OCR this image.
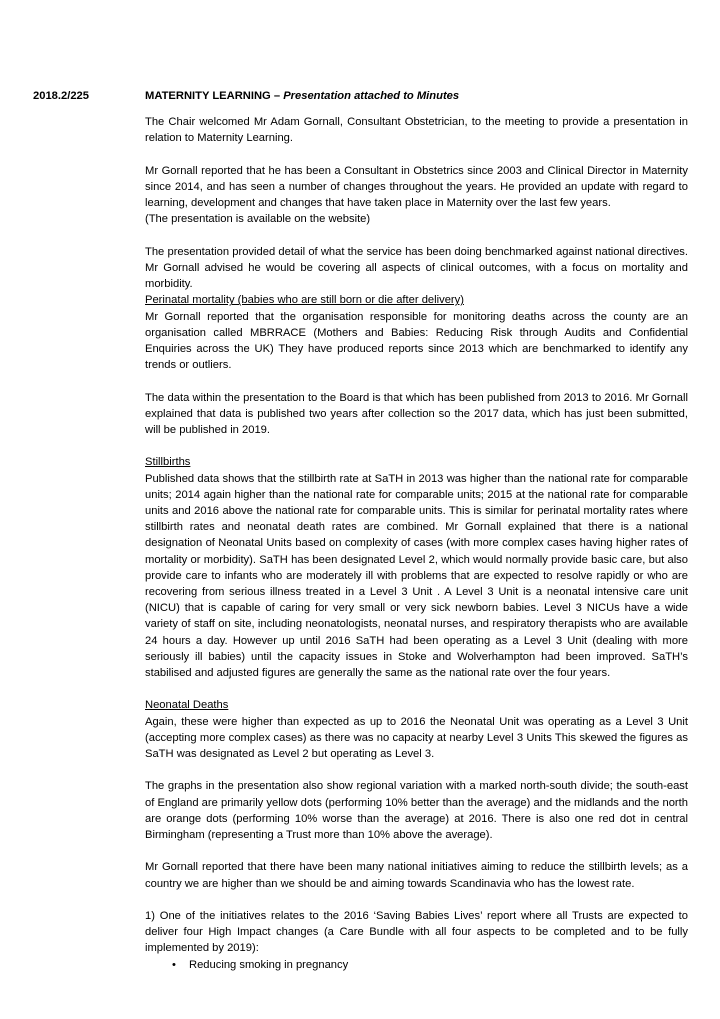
2018.2/225	MATERNITY LEARNING – Presentation attached to Minutes

The Chair welcomed Mr Adam Gornall, Consultant Obstetrician, to the meeting to provide a presentation in relation to Maternity Learning.

Mr Gornall reported that he has been a Consultant in Obstetrics since 2003 and Clinical Director in Maternity since 2014, and has seen a number of changes throughout the years. He provided an update with regard to learning, development and changes that have taken place in Maternity over the last few years.

(The presentation is available on the website)

The presentation provided detail of what the service has been doing benchmarked against national directives. Mr Gornall advised he would be covering all aspects of clinical outcomes, with a focus on mortality and morbidity.

Perinatal mortality (babies who are still born or die after delivery)

Mr Gornall reported that the organisation responsible for monitoring deaths across the county are an organisation called MBRRACE (Mothers and Babies: Reducing Risk through Audits and Confidential Enquiries across the UK) They have produced reports since 2013 which are benchmarked to identify any trends or outliers.

The data within the presentation to the Board is that which has been published from 2013 to 2016. Mr Gornall explained that data is published two years after collection so the 2017 data, which has just been submitted, will be published in 2019.

Stillbirths

Published data shows that the stillbirth rate at SaTH in 2013 was higher than the national rate for comparable units; 2014 again higher than the national rate for comparable units; 2015 at the national rate for comparable units and 2016 above the national rate for comparable units. This is similar for perinatal mortality rates where stillbirth rates and neonatal death rates are combined. Mr Gornall explained that there is a national designation of Neonatal Units based on complexity of cases (with more complex cases having higher rates of mortality or morbidity). SaTH has been designated Level 2, which would normally provide basic care, but also provide care to infants who are moderately ill with problems that are expected to resolve rapidly or who are recovering from serious illness treated in a Level 3 Unit . A Level 3 Unit is a neonatal intensive care unit (NICU) that is capable of caring for very small or very sick newborn babies. Level 3 NICUs have a wide variety of staff on site, including neonatologists, neonatal nurses, and respiratory therapists who are available 24 hours a day. However up until 2016 SaTH had been operating as a Level 3 Unit (dealing with more seriously ill babies) until the capacity issues in Stoke and Wolverhampton had been improved. SaTH’s stabilised and adjusted figures are generally the same as the national rate over the four years.

Neonatal Deaths

Again, these were higher than expected as up to 2016 the Neonatal Unit was operating as a Level 3 Unit (accepting more complex cases) as there was no capacity at nearby Level 3 Units This skewed the figures as SaTH was designated as Level 2 but operating as Level 3.

The graphs in the presentation also show regional variation with a marked north-south divide; the south-east of England are primarily yellow dots (performing 10% better than the average) and the midlands and the north are orange dots (performing 10% worse than the average) at 2016. There is also one red dot in central Birmingham (representing a Trust more than 10% above the average).

Mr Gornall reported that there have been many national initiatives aiming to reduce the stillbirth levels; as a country we are higher than we should be and aiming towards Scandinavia who has the lowest rate.

1) One of the initiatives relates to the 2016 ‘Saving Babies Lives’ report where all Trusts are expected to deliver four High Impact changes (a Care Bundle with all four aspects to be completed and to be fully implemented by 2019):

• Reducing smoking in pregnancy
